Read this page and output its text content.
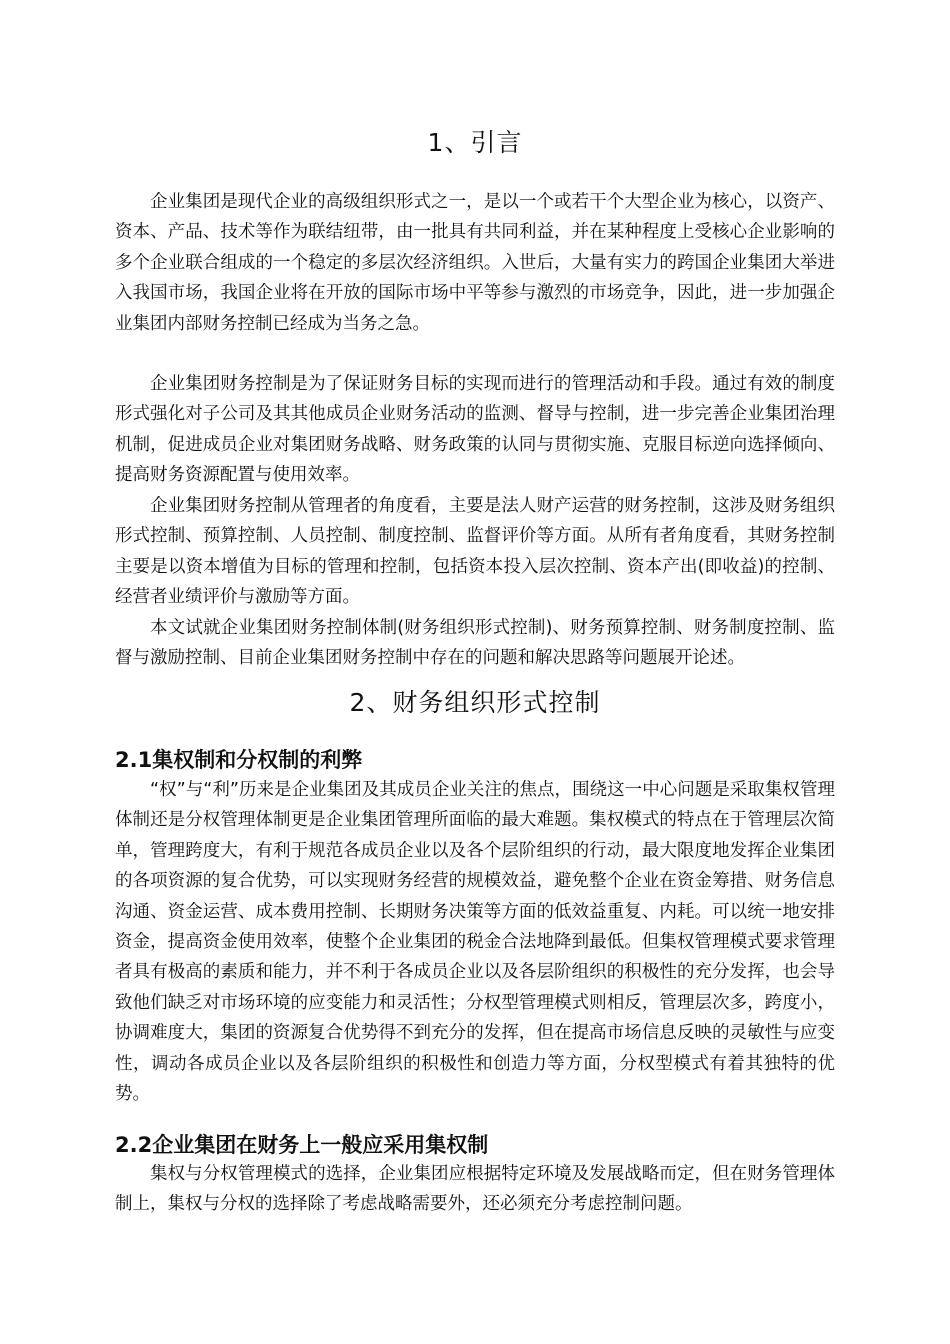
1、引言

企业集团是现代企业的高级组织形式之一，是以一个或若干个大型企业为核心，以资产、资本、产品、技术等作为联结纽带，由一批具有共同利益，并在某种程度上受核心企业影响的多个企业联合组成的一个稳定的多层次经济组织。入世后，大量有实力的跨国企业集团大举进入我国市场，我国企业将在开放的国际市场中平等参与激烈的市场竞争，因此，进一步加强企业集团内部财务控制已经成为当务之急。

企业集团财务控制是为了保证财务目标的实现而进行的管理活动和手段。通过有效的制度形式强化对子公司及其其他成员企业财务活动的监测、督导与控制，进一步完善企业集团治理机制，促进成员企业对集团财务战略、财务政策的认同与贯彻实施、克服目标逆向选择倾向、提高财务资源配置与使用效率。

企业集团财务控制从管理者的角度看，主要是法人财产运营的财务控制，这涉及财务组织形式控制、预算控制、人员控制、制度控制、监督评价等方面。从所有者角度看，其财务控制主要是以资本增值为目标的管理和控制，包括资本投入层次控制、资本产出(即收益)的控制、经营者业绩评价与激励等方面。

本文试就企业集团财务控制体制(财务组织形式控制)、财务预算控制、财务制度控制、监督与激励控制、目前企业集团财务控制中存在的问题和解决思路等问题展开论述。

2、财务组织形式控制
2.1集权制和分权制的利弊

“权”与“利”历来是企业集团及其成员企业关注的焦点，围绕这一中心问题是采取集权管理体制还是分权管理体制更是企业集团管理所面临的最大难题。集权模式的特点在于管理层次简单，管理跨度大，有利于规范各成员企业以及各个层阶组织的行动，最大限度地发挥企业集团的各项资源的复合优势，可以实现财务经营的规模效益，避免整个企业在资金筹措、财务信息沟通、资金运营、成本费用控制、长期财务决策等方面的低效益重复、内耗。可以统一地安排资金，提高资金使用效率，使整个企业集团的税金合法地降到最低。但集权管理模式要求管理者具有极高的素质和能力，并不利于各成员企业以及各层阶组织的积极性的充分发挥，也会导致他们缺乏对市场环境的应变能力和灵活性；分权型管理模式则相反，管理层次多，跨度小，协调难度大，集团的资源复合优势得不到充分的发挥，但在提高市场信息反映的灵敏性与应变性，调动各成员企业以及各层阶组织的积极性和创造力等方面，分权型模式有着其独特的优势。

2.2企业集团在财务上一般应采用集权制

集权与分权管理模式的选择，企业集团应根据特定环境及发展战略而定，但在财务管理体制上，集权与分权的选择除了考虑战略需要外，还必须充分考虑控制问题。
